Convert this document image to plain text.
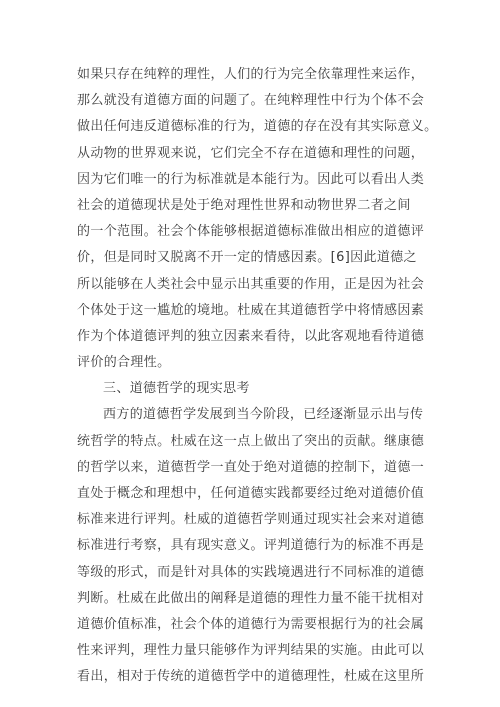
如果只存在纯粹的理性，人们的行为完全依靠理性来运作，
那么就没有道德方面的问题了。在纯粹理性中行为个体不会
做出任何违反道德标准的行为，道德的存在没有其实际意义。
从动物的世界观来说，它们完全不存在道德和理性的问题，
因为它们唯一的行为标准就是本能行为。因此可以看出人类
社会的道德现状是处于绝对理性世界和动物世界二者之间
的一个范围。社会个体能够根据道德标准做出相应的道德评
价，但是同时又脱离不开一定的情感因素。[6]因此道德之
所以能够在人类社会中显示出其重要的作用，正是因为社会
个体处于这一尴尬的境地。杜威在其道德哲学中将情感因素
作为个体道德评判的独立因素来看待，以此客观地看待道德
评价的合理性。
三、道德哲学的现实思考
西方的道德哲学发展到当今阶段，已经逐渐显示出与传
统哲学的特点。杜威在这一点上做出了突出的贡献。继康德
的哲学以来，道德哲学一直处于绝对道德的控制下，道德一
直处于概念和理想中，任何道德实践都要经过绝对道德价值
标准来进行评判。杜威的道德哲学则通过现实社会来对道德
标准进行考察，具有现实意义。评判道德行为的标准不再是
等级的形式，而是针对具体的实践境遇进行不同标准的道德
判断。杜威在此做出的阐释是道德的理性力量不能干扰相对
道德价值标准，社会个体的道德行为需要根据行为的社会属
性来评判，理性力量只能够作为评判结果的实施。由此可以
看出，相对于传统的道德哲学中的道德理性，杜威在这里所
